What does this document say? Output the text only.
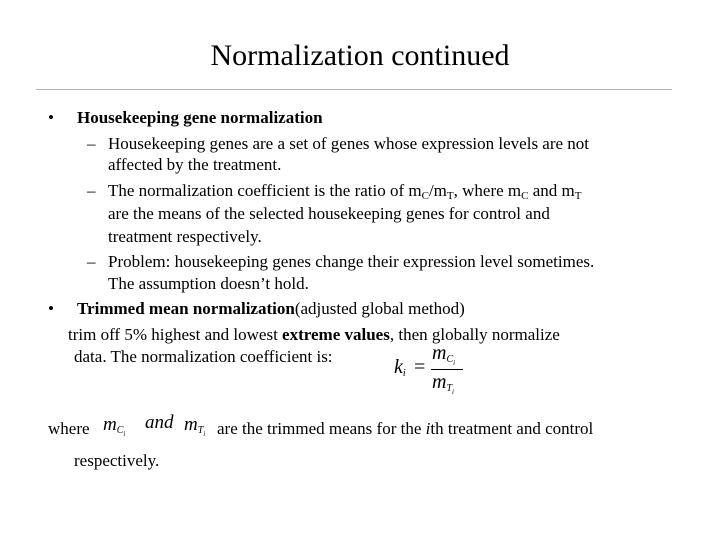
Normalization continued
• Housekeeping gene normalization
– Housekeeping genes are a set of genes whose expression levels are not
affected by the treatment.
– The normalization coefficient is the ratio of $m_C/m_T$, where $m_C$ and $m_T$
are the means of the selected housekeeping genes for control and
treatment respectively.
– Problem: housekeeping genes change their expression level sometimes.
The assumption doesn’t hold.
• Trimmed mean normalization(adjusted global method)
trim off 5% highest and lowest extreme values, then globally normalize
data. The normalization coefficient is:	$k_i$ =
$m_{C_i}$
$m_{T_i}$
where $m_{C_i}$
and $m_{T_i}$ are the trimmed means for the ith treatment and control
respectively.
